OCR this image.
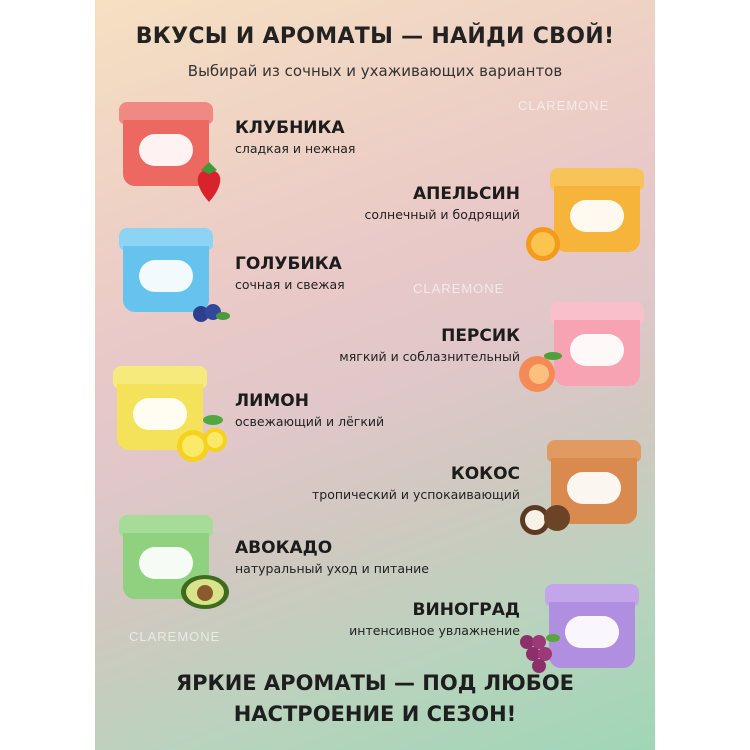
ВКУСЫ И АРОМАТЫ — НАЙДИ СВОЙ!
Выбирай из сочных и ухаживающих вариантов
CLAREMONE
CLAREMONE
CLAREMONE
КЛУБНИКА
сладкая и нежная
АПЕЛЬСИН
солнечный и бодрящий
ГОЛУБИКА
сочная и свежая
ПЕРСИК
мягкий и соблазнительный
ЛИМОН
освежающий и лёгкий
КОКОС
тропический и успокаивающий
АВОКАДО
натуральный уход и питание
ВИНОГРАД
интенсивное увлажнение
ЯРКИЕ АРОМАТЫ — ПОД ЛЮБОЕ
НАСТРОЕНИЕ И СЕЗОН!
